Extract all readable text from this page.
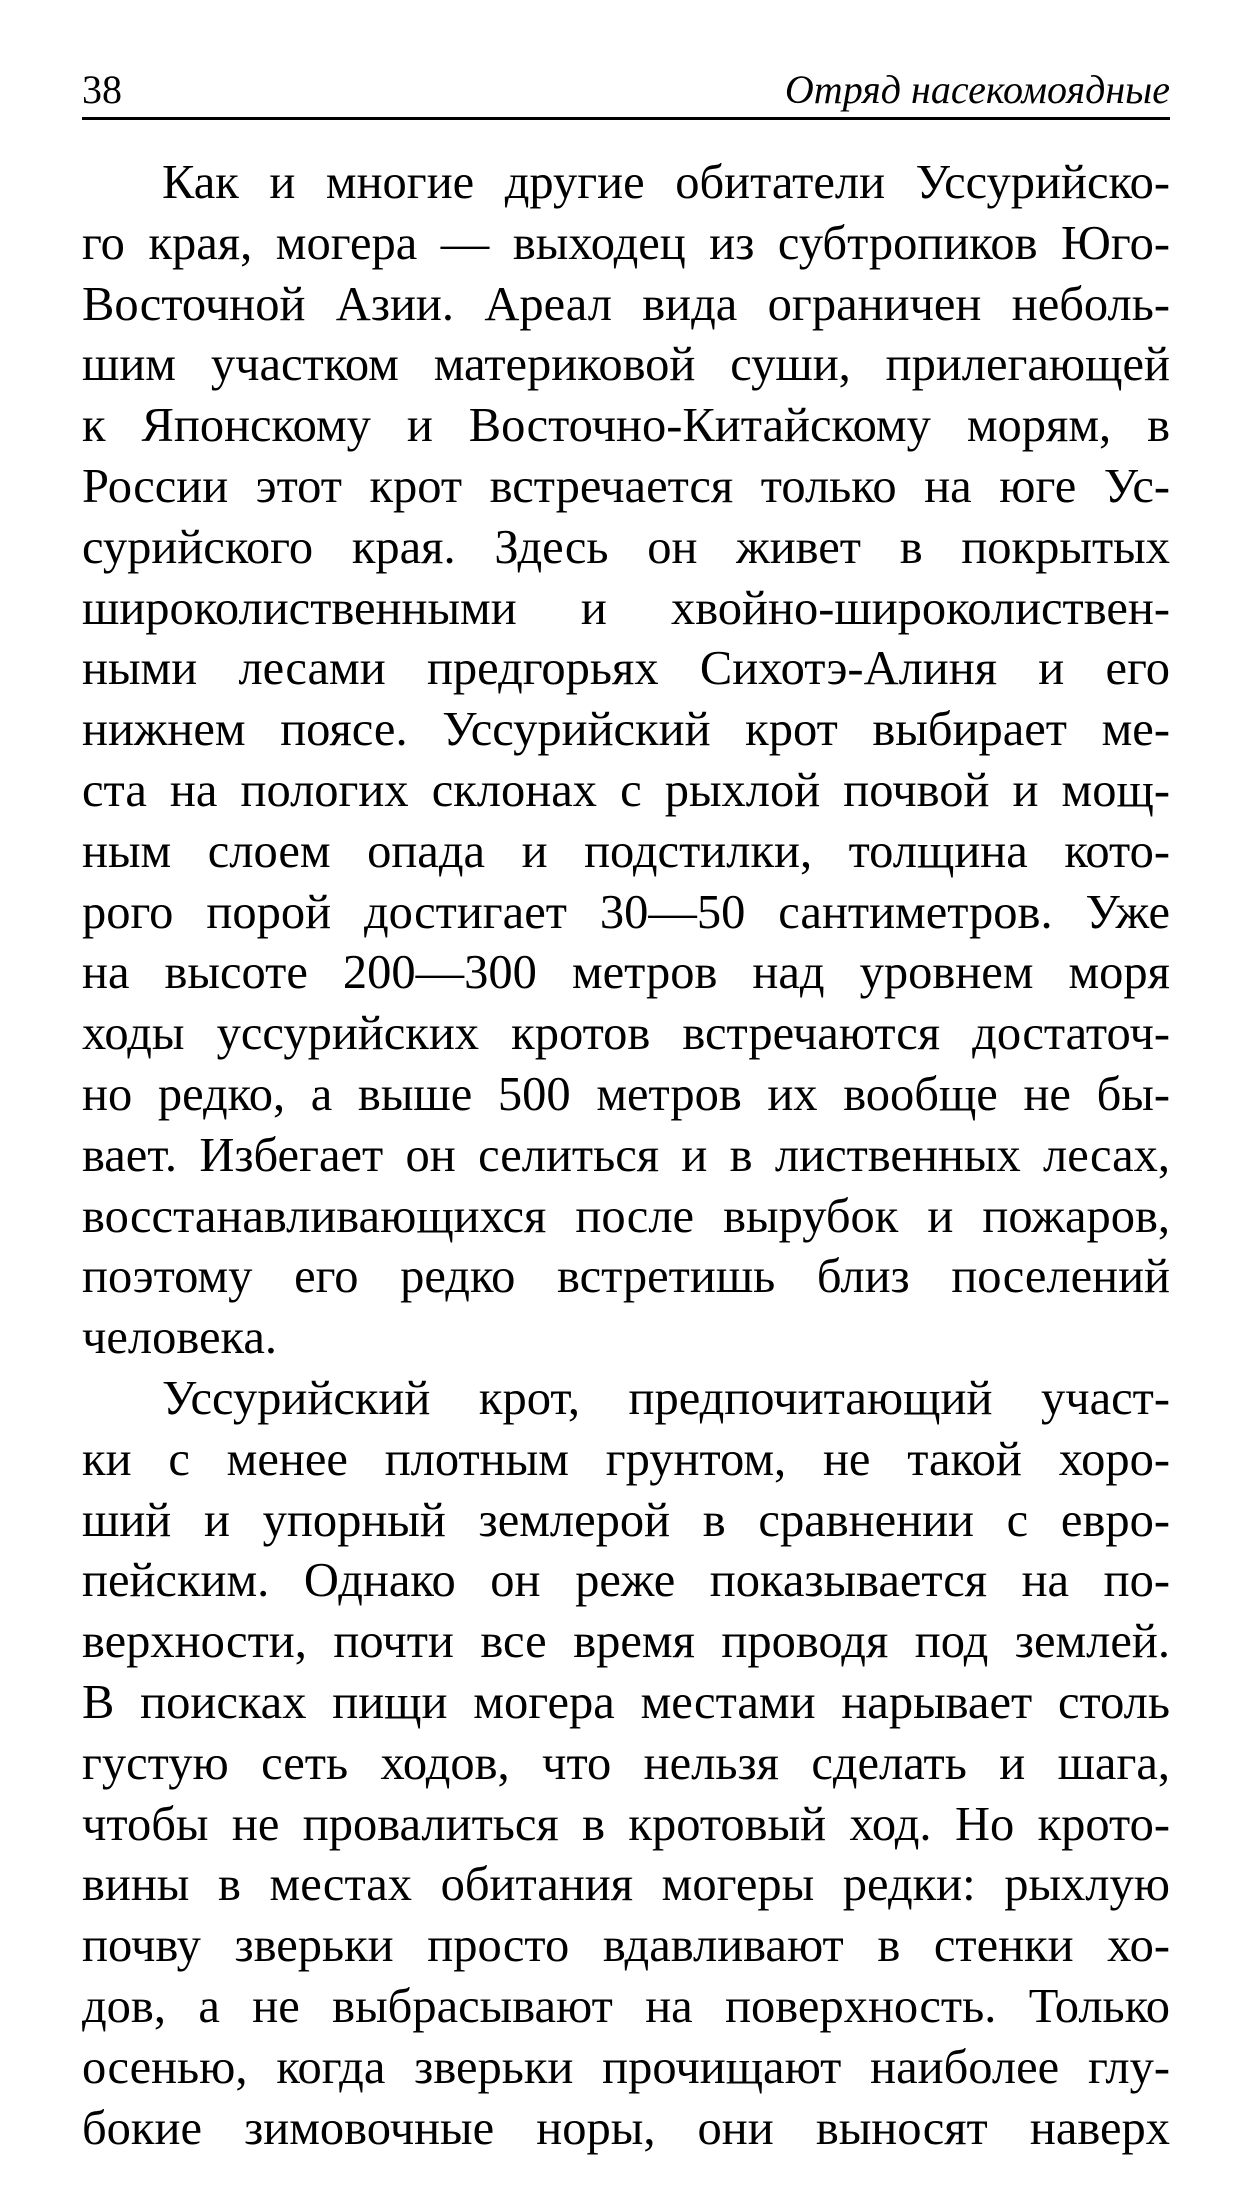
38	Отряд насекомоядные
Как и многие другие обитатели Уссурийско-
го края, могера — выходец из субтропиков Юго-
Восточной Азии. Ареал вида ограничен неболь-
шим участком материковой суши, прилегающей
к Японскому и Восточно-Китайскому морям, в
России этот крот встречается только на юге Ус-
сурийского края. Здесь он живет в покрытых
широколиственными и хвойно-широколиствен-
ными лесами предгорьях Сихотэ-Алиня и его
нижнем поясе. Уссурийский крот выбирает ме-
ста на пологих склонах с рыхлой почвой и мощ-
ным слоем опада и подстилки, толщина кото-
рого порой достигает 30—50 сантиметров. Уже
на высоте 200—300 метров над уровнем моря
ходы уссурийских кротов встречаются достаточ-
но редко, а выше 500 метров их вообще не бы-
вает. Избегает он селиться и в лиственных лесах,
восстанавливающихся после вырубок и пожаров,
поэтому его редко встретишь близ поселений
человека.
Уссурийский крот, предпочитающий участ-
ки с менее плотным грунтом, не такой хоро-
ший и упорный землерой в сравнении с евро-
пейским. Однако он реже показывается на по-
верхности, почти все время проводя под землей.
В поисках пищи могера местами нарывает столь
густую сеть ходов, что нельзя сделать и шага,
чтобы не провалиться в кротовый ход. Но крото-
вины в местах обитания могеры редки: рыхлую
почву зверьки просто вдавливают в стенки хо-
дов, а не выбрасывают на поверхность. Только
осенью, когда зверьки прочищают наиболее глу-
бокие зимовочные норы, они выносят наверх
